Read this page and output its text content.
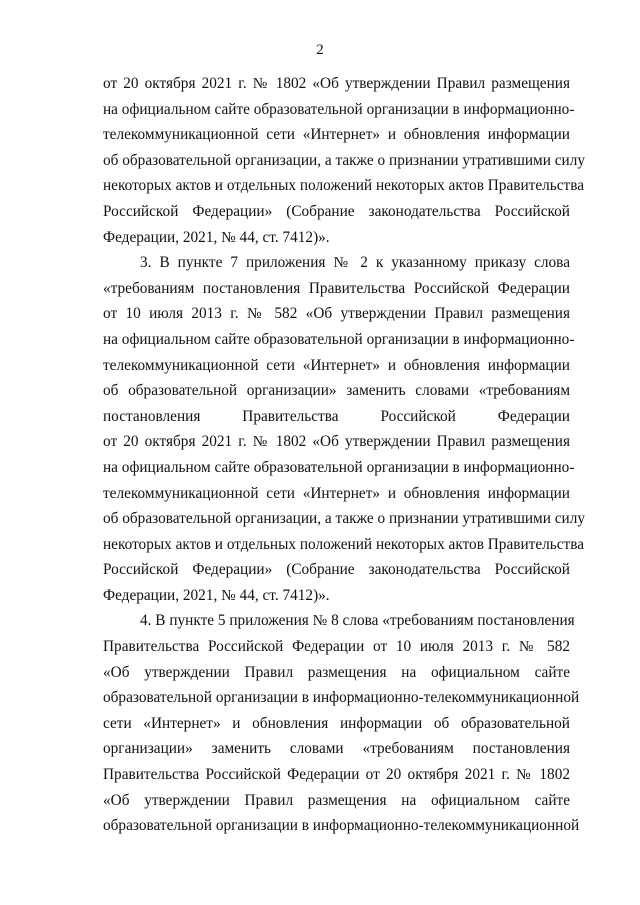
2
от 20 октября 2021 г. № 1802 «Об утверждении Правил размещения
на официальном сайте образовательной организации в информационно-
телекоммуникационной сети «Интернет» и обновления информации
об образовательной организации, а также о признании утратившими силу
некоторых актов и отдельных положений некоторых актов Правительства
Российской Федерации» (Собрание законодательства Российской
Федерации, 2021, № 44, ст. 7412)».
3. В пункте 7 приложения № 2 к указанному приказу слова
«требованиям постановления Правительства Российской Федерации
от 10 июля 2013 г. № 582 «Об утверждении Правил размещения
на официальном сайте образовательной организации в информационно-
телекоммуникационной сети «Интернет» и обновления информации
об образовательной организации» заменить словами «требованиям
постановления Правительства Российской Федерации
от 20 октября 2021 г. № 1802 «Об утверждении Правил размещения
на официальном сайте образовательной организации в информационно-
телекоммуникационной сети «Интернет» и обновления информации
об образовательной организации, а также о признании утратившими силу
некоторых актов и отдельных положений некоторых актов Правительства
Российской Федерации» (Собрание законодательства Российской
Федерации, 2021, № 44, ст. 7412)».
4. В пункте 5 приложения № 8 слова «требованиям постановления
Правительства Российской Федерации от 10 июля 2013 г. № 582
«Об утверждении Правил размещения на официальном сайте
образовательной организации в информационно-телекоммуникационной
сети «Интернет» и обновления информации об образовательной
организации» заменить словами «требованиям постановления
Правительства Российской Федерации от 20 октября 2021 г. № 1802
«Об утверждении Правил размещения на официальном сайте
образовательной организации в информационно-телекоммуникационной
